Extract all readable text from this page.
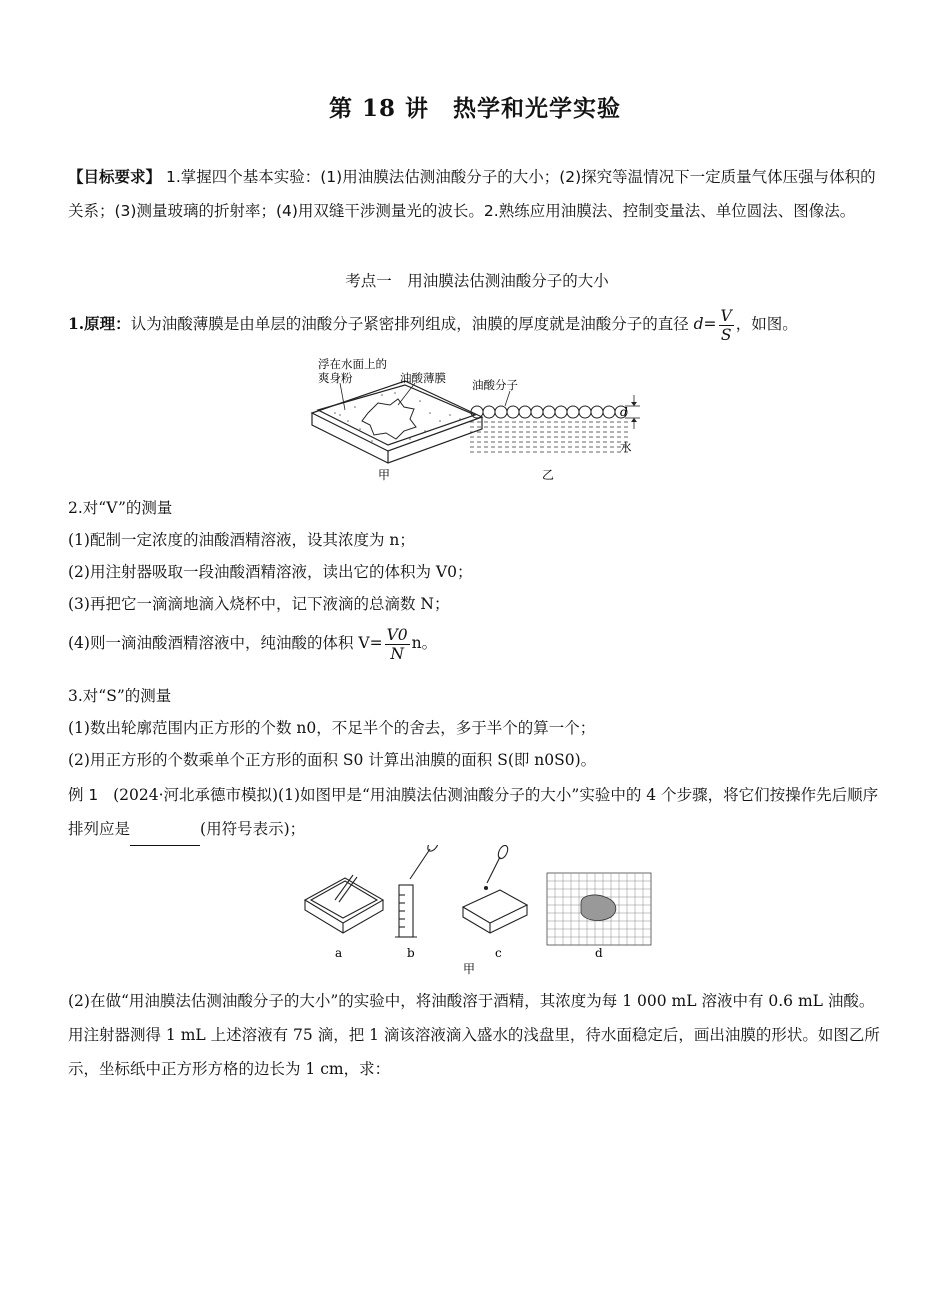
第 18 讲　热学和光学实验
【目标要求】 1.掌握四个基本实验：(1)用油膜法估测油酸分子的大小；(2)探究等温情况下一定质量气体压强与体积的关系；(3)测量玻璃的折射率；(4)用双缝干涉测量光的波长。2.熟练应用油膜法、控制变量法、单位圆法、图像法。
考点一　用油膜法估测油酸分子的大小
1.原理：认为油酸薄膜是由单层的油酸分子紧密排列组成，油膜的厚度就是油酸分子的直径 $d= \frac{V}{S}$ ，如图。
浮在水面上的
爽身粉	油酸薄膜
甲
油酸分子
d
水
乙
2.对“V”的测量
(1)配制一定浓度的油酸酒精溶液，设其浓度为 n；
(2)用注射器吸取一段油酸酒精溶液，读出它的体积为 V0；
(3)再把它一滴滴地滴入烧杯中，记下液滴的总滴数 N；
(4)则一滴油酸酒精溶液中，纯油酸的体积 $V= \frac{V0}{N}$ n。
3.对“S”的测量
(1)数出轮廓范围内正方形的个数 n0，不足半个的舍去，多于半个的算一个；
(2)用正方形的个数乘单个正方形的面积 S0 计算出油膜的面积 S(即 n0S0)。
例 1 (2024·河北承德市模拟)(1)如图甲是“用油膜法估测油酸分子的大小”实验中的 4 个步骤，将它们按操作先后顺序排列应是	(用符号表示)；
a	b	c	d
甲
(2)在做“用油膜法估测油酸分子的大小”的实验中，将油酸溶于酒精，其浓度为每 1 000 mL 溶液中有 0.6 mL 油酸。用注射器测得 1 mL 上述溶液有 75 滴，把 1 滴该溶液滴入盛水的浅盘里，待水面稳定后，画出油膜的形状。如图乙所示，坐标纸中正方形方格的边长为 1 cm，求：
